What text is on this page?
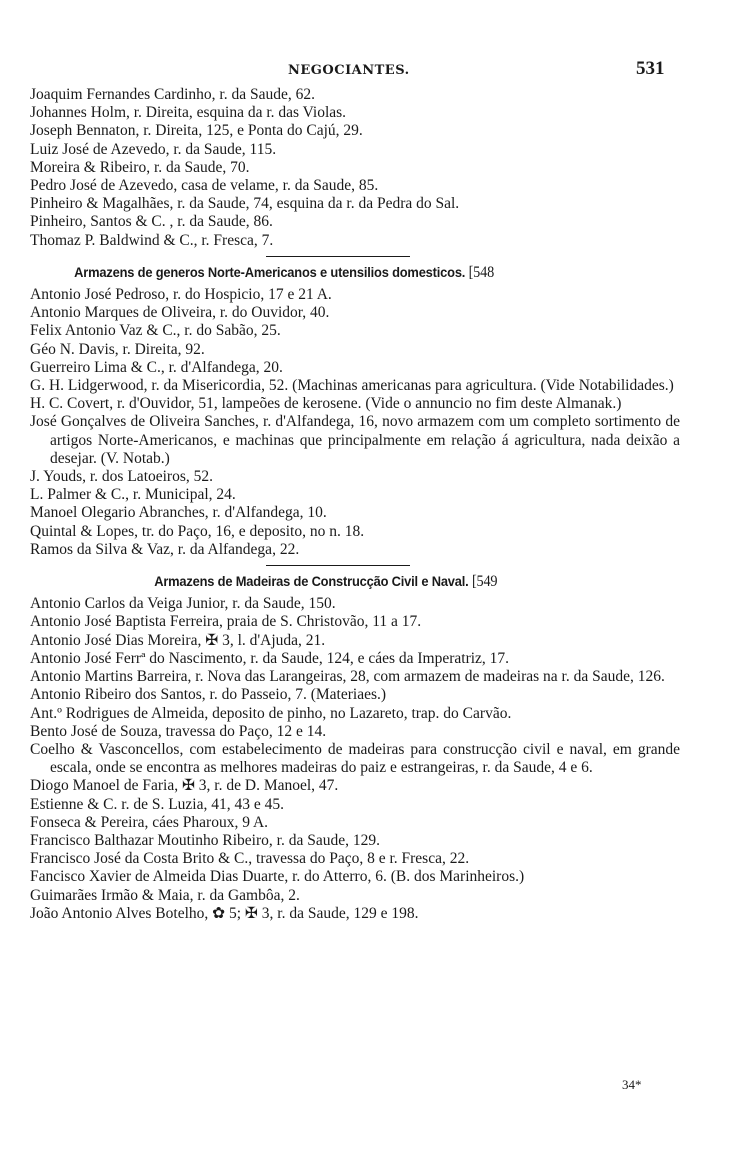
NEGOCIANTES.	531

Joaquim Fernandes Cardinho, r. da Saude, 62.

Johannes Holm, r. Direita, esquina da r. das Violas.

Joseph Bennaton, r. Direita, 125, e Ponta do Cajú, 29.

Luiz José de Azevedo, r. da Saude, 115.

Moreira & Ribeiro, r. da Saude, 70.

Pedro José de Azevedo, casa de velame, r. da Saude, 85.

Pinheiro & Magalhães, r. da Saude, 74, esquina da r. da Pedra do Sal.

Pinheiro, Santos & C. , r. da Saude, 86.

Thomaz P. Baldwind & C., r. Fresca, 7.

Armazens de generos Norte-Americanos e utensilios domesticos. [548

Antonio José Pedroso, r. do Hospicio, 17 e 21 A.

Antonio Marques de Oliveira, r. do Ouvidor, 40.

Felix Antonio Vaz & C., r. do Sabão, 25.

Géo N. Davis, r. Direita, 92.

Guerreiro Lima & C., r. d'Alfandega, 20.

G. H. Lidgerwood, r. da Misericordia, 52. (Machinas americanas para agricultura. (Vide Notabilidades.)

H. C. Covert, r. d'Ouvidor, 51, lampeões de kerosene. (Vide o annuncio no fim deste Almanak.)

José Gonçalves de Oliveira Sanches, r. d'Alfandega, 16, novo armazem com um completo sortimento de artigos Norte-Americanos, e machinas que principalmente em relação á agricultura, nada deixão a desejar. (V. Notab.)

J. Youds, r. dos Latoeiros, 52.

L. Palmer & C., r. Municipal, 24.

Manoel Olegario Abranches, r. d'Alfandega, 10.

Quintal & Lopes, tr. do Paço, 16, e deposito, no n. 18.

Ramos da Silva & Vaz, r. da Alfandega, 22.

Armazens de Madeiras de Construcção Civil e Naval. [549

Antonio Carlos da Veiga Junior, r. da Saude, 150.

Antonio José Baptista Ferreira, praia de S. Christovão, 11 a 17.

Antonio José Dias Moreira, ✠ 3, l. d'Ajuda, 21.

Antonio José Ferrª do Nascimento, r. da Saude, 124, e cáes da Imperatriz, 17.

Antonio Martins Barreira, r. Nova das Larangeiras, 28, com armazem de madeiras na r. da Saude, 126.

Antonio Ribeiro dos Santos, r. do Passeio, 7. (Materiaes.)

Ant.º Rodrigues de Almeida, deposito de pinho, no Lazareto, trap. do Carvão.

Bento José de Souza, travessa do Paço, 12 e 14.

Coelho & Vasconcellos, com estabelecimento de madeiras para construcção civil e naval, em grande escala, onde se encontra as melhores madeiras do paiz e estrangeiras, r. da Saude, 4 e 6.

Diogo Manoel de Faria, ✠ 3, r. de D. Manoel, 47.

Estienne & C. r. de S. Luzia, 41, 43 e 45.

Fonseca & Pereira, cáes Pharoux, 9 A.

Francisco Balthazar Moutinho Ribeiro, r. da Saude, 129.

Francisco José da Costa Brito & C., travessa do Paço, 8 e r. Fresca, 22.

Fancisco Xavier de Almeida Dias Duarte, r. do Atterro, 6. (B. dos Marinheiros.)

Guimarães Irmão & Maia, r. da Gambôa, 2.

João Antonio Alves Botelho, ✿ 5; ✠ 3, r. da Saude, 129 e 198.

34*
